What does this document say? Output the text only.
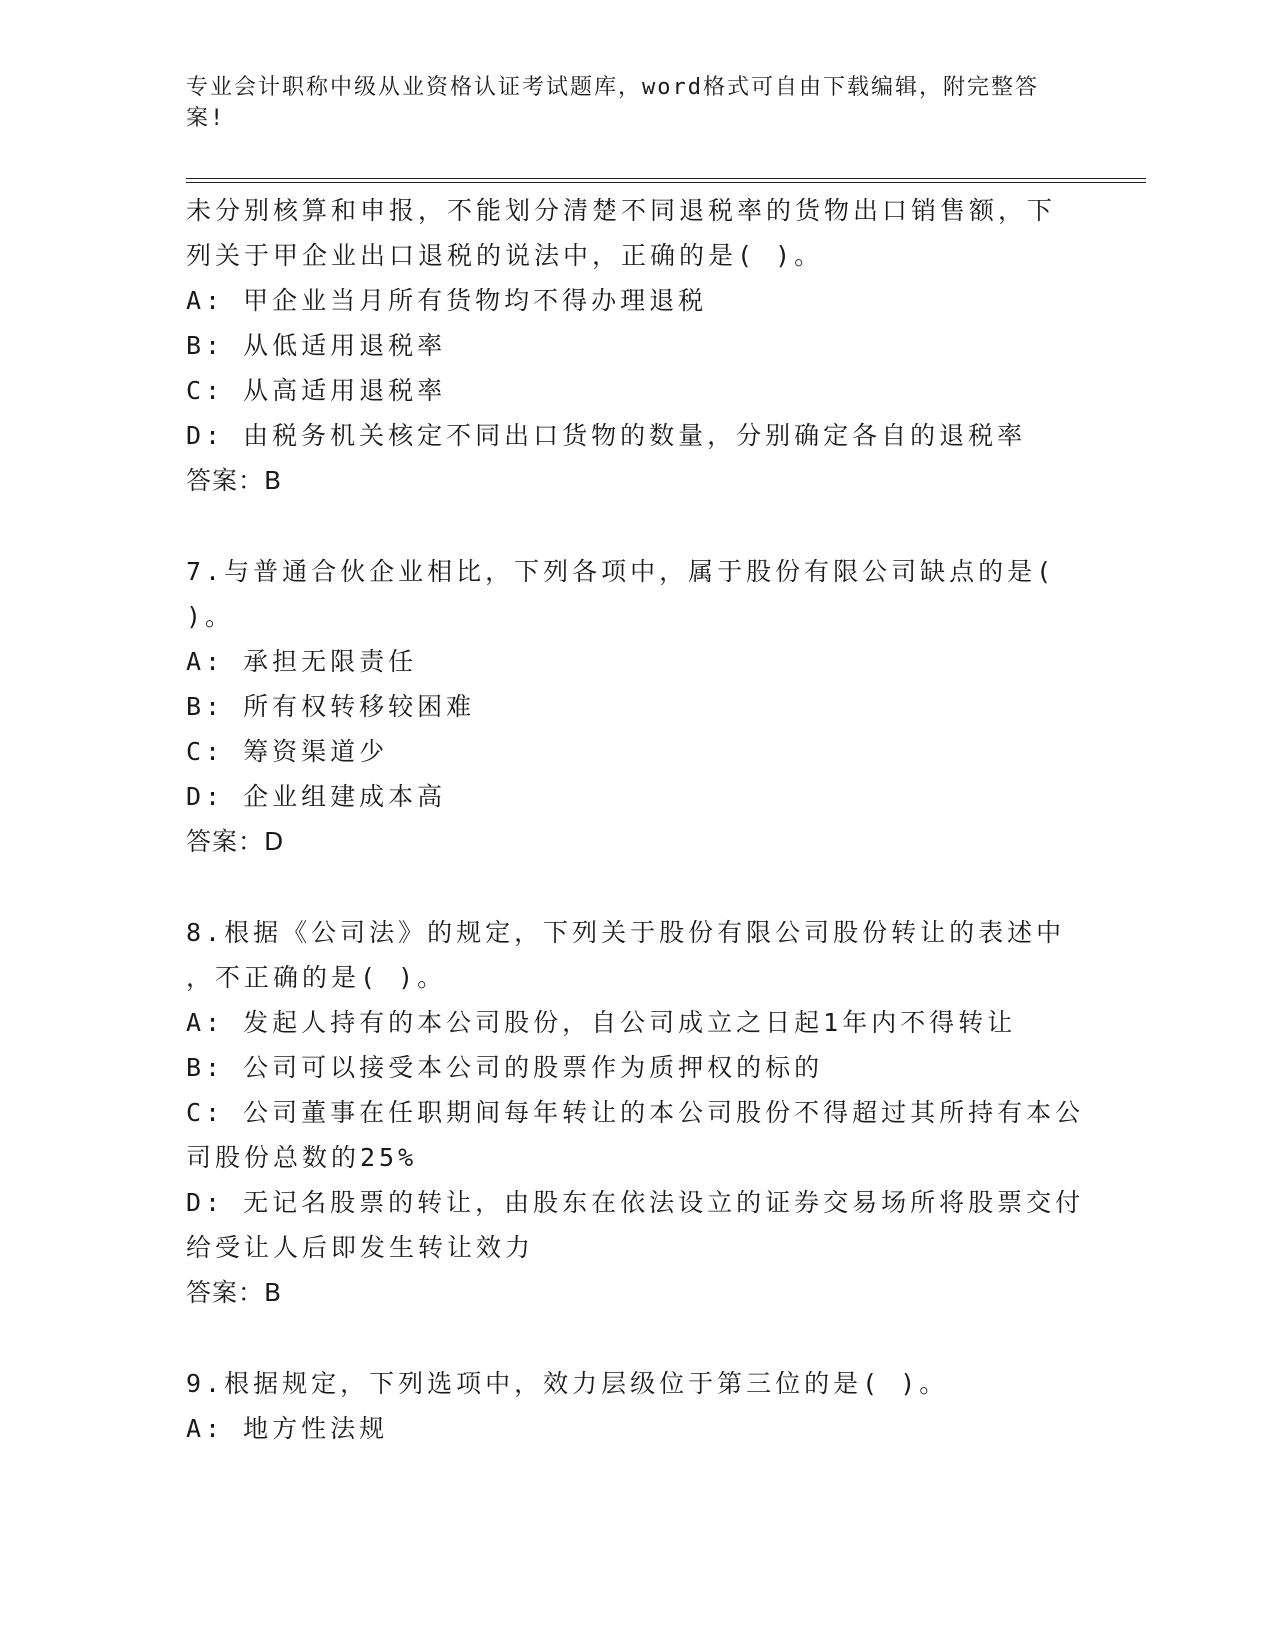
专业会计职称中级从业资格认证考试题库，word格式可自由下载编辑，附完整答
案!
未分别核算和申报，不能划分清楚不同退税率的货物出口销售额，下
列关于甲企业出口退税的说法中，正确的是( )。
A: 甲企业当月所有货物均不得办理退税
B: 从低适用退税率
C: 从高适用退税率
D: 由税务机关核定不同出口货物的数量，分别确定各自的退税率
答案：B
7.与普通合伙企业相比，下列各项中，属于股份有限公司缺点的是(
)。
A: 承担无限责任
B: 所有权转移较困难
C: 筹资渠道少
D: 企业组建成本高
答案：D
8.根据《公司法》的规定，下列关于股份有限公司股份转让的表述中
，不正确的是( )。
A: 发起人持有的本公司股份，自公司成立之日起1年内不得转让
B: 公司可以接受本公司的股票作为质押权的标的
C: 公司董事在任职期间每年转让的本公司股份不得超过其所持有本公
司股份总数的25%
D: 无记名股票的转让，由股东在依法设立的证券交易场所将股票交付
给受让人后即发生转让效力
答案：B
9.根据规定，下列选项中，效力层级位于第三位的是( )。
A: 地方性法规
